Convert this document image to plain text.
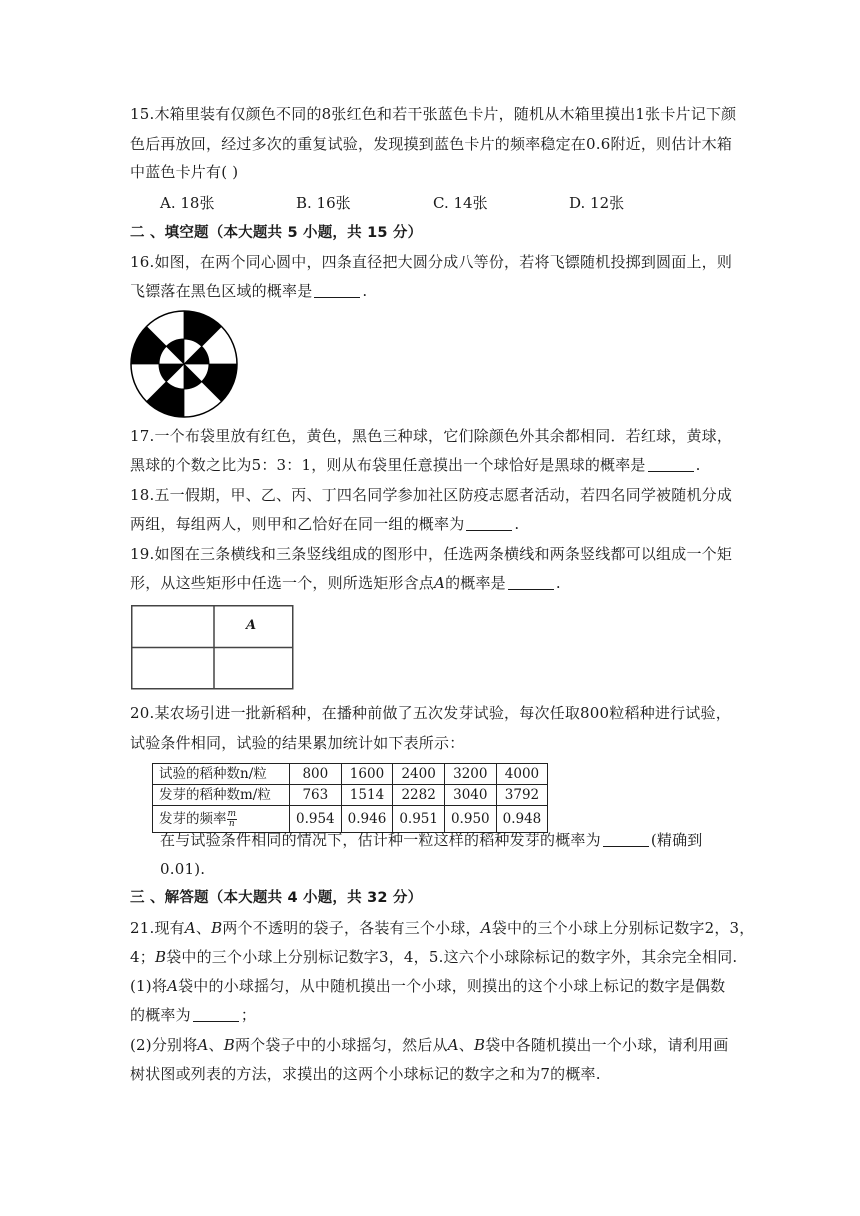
15.木箱里装有仅颜色不同的8张红色和若干张蓝色卡片，随机从木箱里摸出1张卡片记下颜
色后再放回，经过多次的重复试验，发现摸到蓝色卡片的频率稳定在0.6附近，则估计木箱
中蓝色卡片有( )
A. 18张	B. 16张	C. 14张	D. 12张
二 、填空题（本大题共 5 小题，共 15 分）
16.如图，在两个同心圆中，四条直径把大圆分成八等份，若将飞镖随机投掷到圆面上，则
飞镖落在黑色区域的概率是	.
17.一个布袋里放有红色，黄色，黑色三种球，它们除颜色外其余都相同．若红球，黄球，
黑球的个数之比为5：3：1，则从布袋里任意摸出一个球恰好是黑球的概率是	.
18.五一假期，甲、乙、丙、丁四名同学参加社区防疫志愿者活动，若四名同学被随机分成
两组，每组两人，则甲和乙恰好在同一组的概率为	.
19.如图在三条横线和三条竖线组成的图形中，任选两条横线和两条竖线都可以组成一个矩
形，从这些矩形中任选一个，则所选矩形含点A的概率是	.
A
20.某农场引进一批新稻种，在播种前做了五次发芽试验，每次任取800粒稻种进行试验，
试验条件相同，试验的结果累加统计如下表所示：
试验的稻种数n/粒	800	1600	2400	3200	4000
发芽的稻种数m/粒	763	1514	2282	3040	3792
发芽的频率 $\frac{m}{n}$	0.954	0.946	0.951	0.950	0.948
在与试验条件相同的情况下，估计种一粒这样的稻种发芽的概率为	(精确到
0.01).
三 、解答题（本大题共 4 小题，共 32 分）
21.现有A、B两个不透明的袋子，各装有三个小球，A袋中的三个小球上分别标记数字2，3，
4；B袋中的三个小球上分别标记数字3，4，5.这六个小球除标记的数字外，其余完全相同.
(1)将A袋中的小球摇匀，从中随机摸出一个小球，则摸出的这个小球上标记的数字是偶数
的概率为	；
(2)分别将A、B两个袋子中的小球摇匀，然后从A、B袋中各随机摸出一个小球，请利用画
树状图或列表的方法，求摸出的这两个小球标记的数字之和为7的概率.
